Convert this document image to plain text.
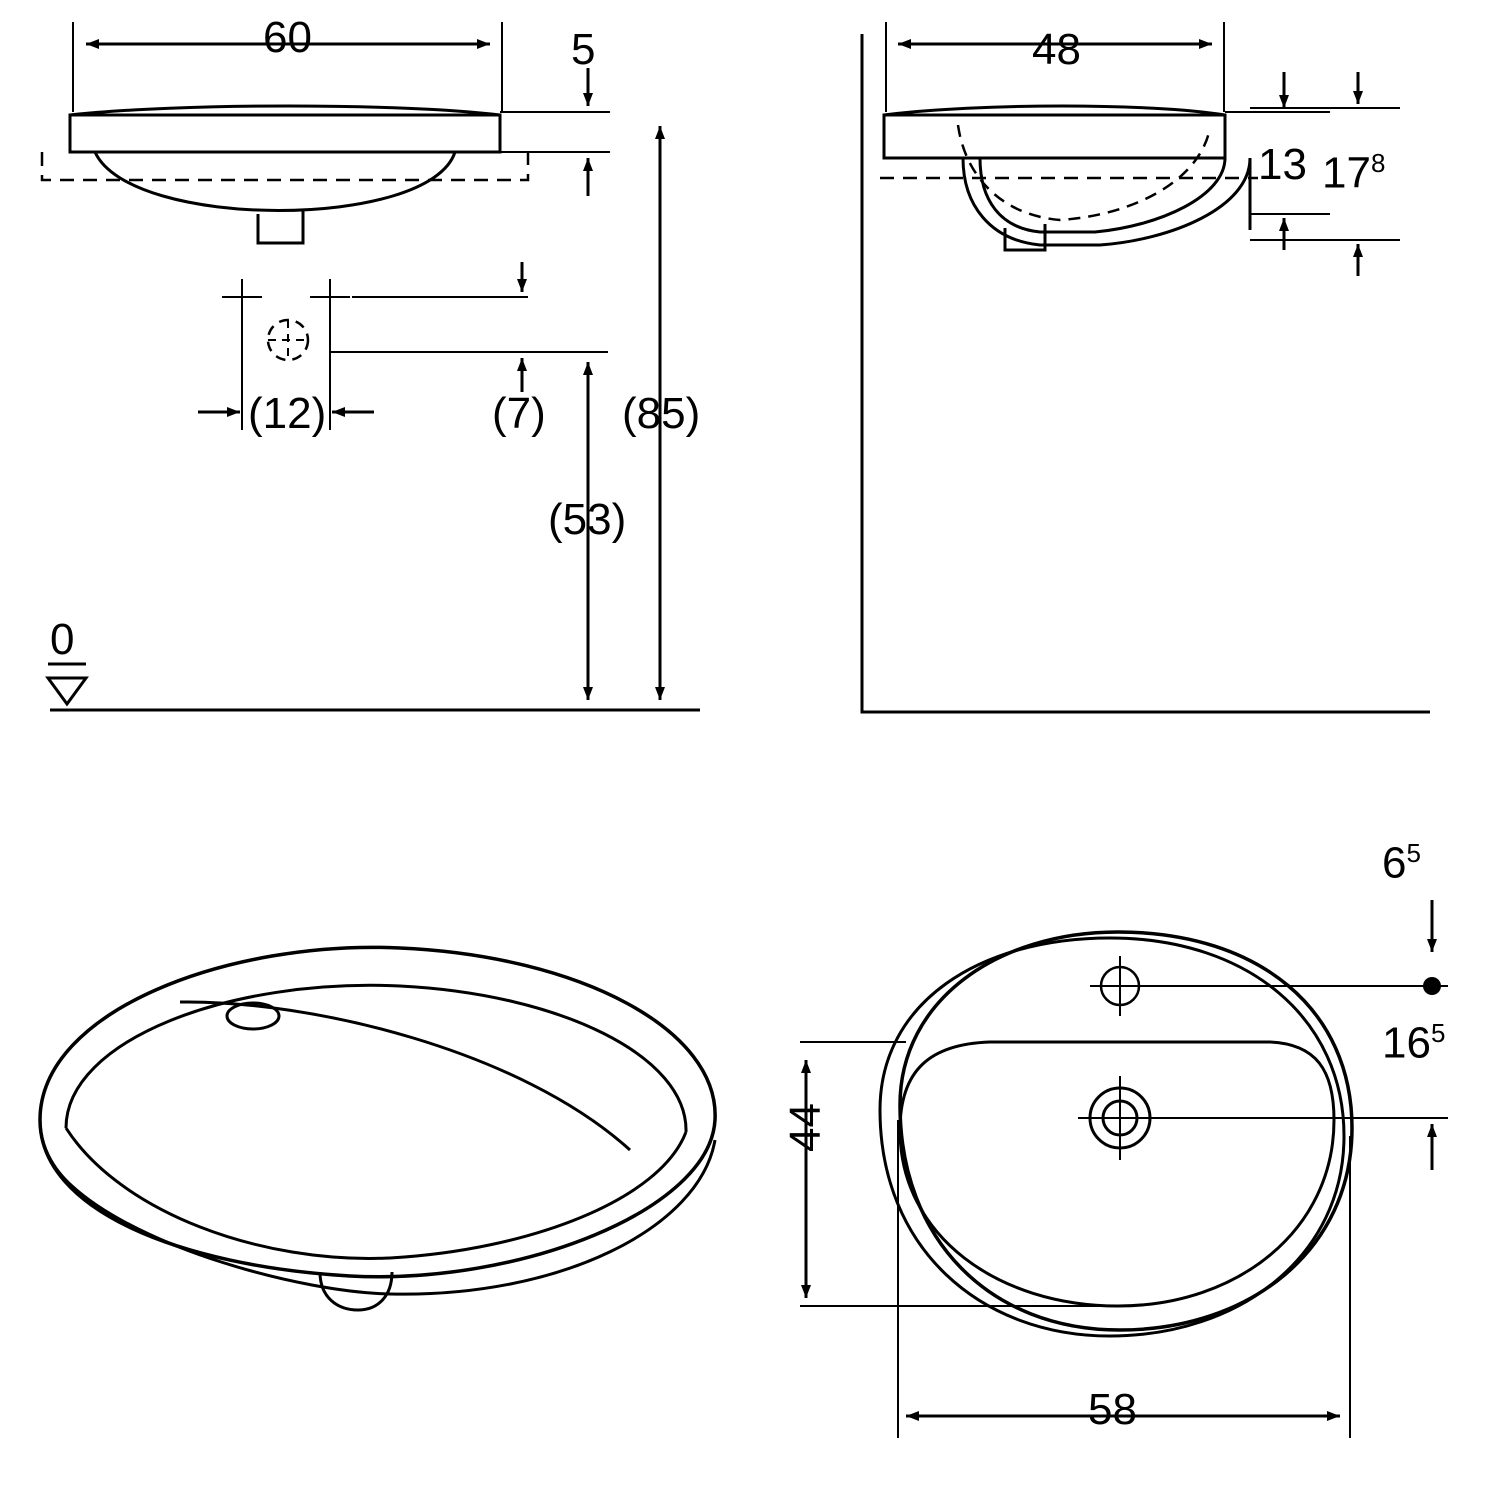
60	5
(12)	(7) (85)
(53)
0
48
13 $17^8$
$6^5$
$16^5$
44
58
